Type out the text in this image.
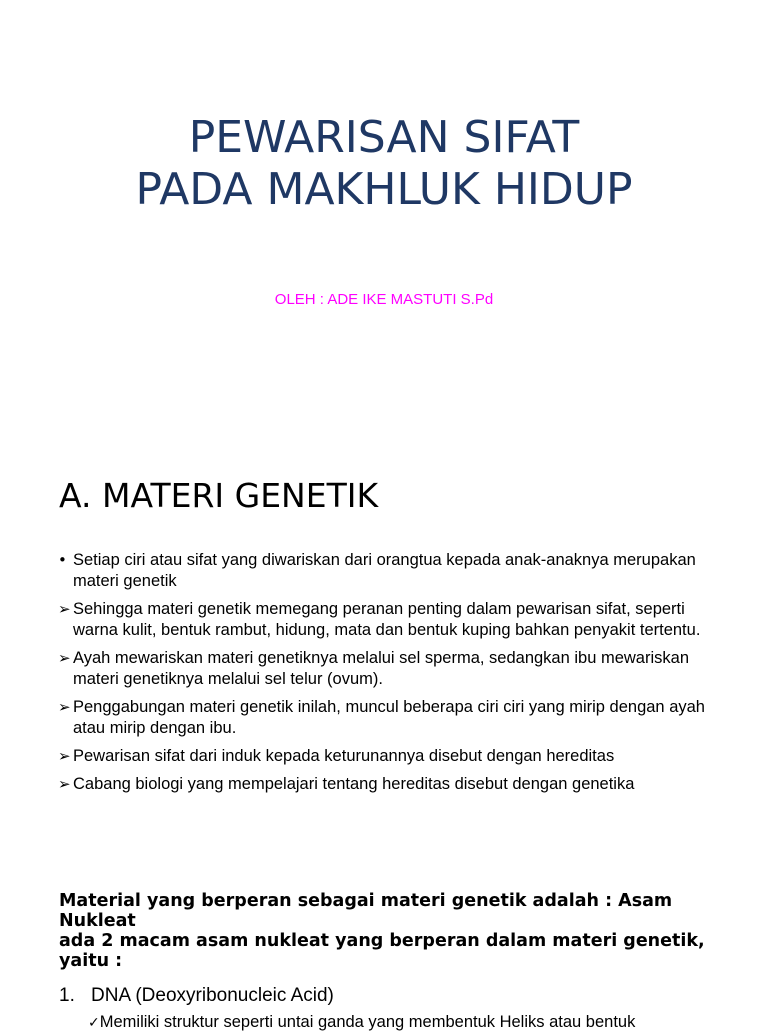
PEWARISAN SIFAT
PADA MAKHLUK HIDUP
OLEH : ADE IKE MASTUTI S.Pd
A. MATERI GENETIK
• Setiap ciri atau sifat yang diwariskan dari orangtua kepada anak-anaknya merupakan materi genetik
➢ Sehingga materi genetik memegang peranan penting dalam pewarisan sifat, seperti warna kulit, bentuk rambut, hidung, mata dan bentuk kuping bahkan penyakit tertentu.
➢ Ayah mewariskan materi genetiknya melalui sel sperma, sedangkan ibu mewariskan materi genetiknya melalui sel telur (ovum).
➢ Penggabungan materi genetik inilah, muncul beberapa ciri ciri yang mirip dengan ayah atau mirip dengan ibu.
➢ Pewarisan sifat dari induk kepada keturunannya disebut dengan hereditas
➢ Cabang biologi yang mempelajari tentang hereditas disebut dengan genetika
Material yang berperan sebagai materi genetik adalah : Asam Nukleat
ada 2 macam asam nukleat yang berperan dalam materi genetik, yaitu :
1. DNA (Deoxyribonucleic Acid)
✓Memiliki struktur seperti untai ganda yang membentuk Heliks atau bentuk
